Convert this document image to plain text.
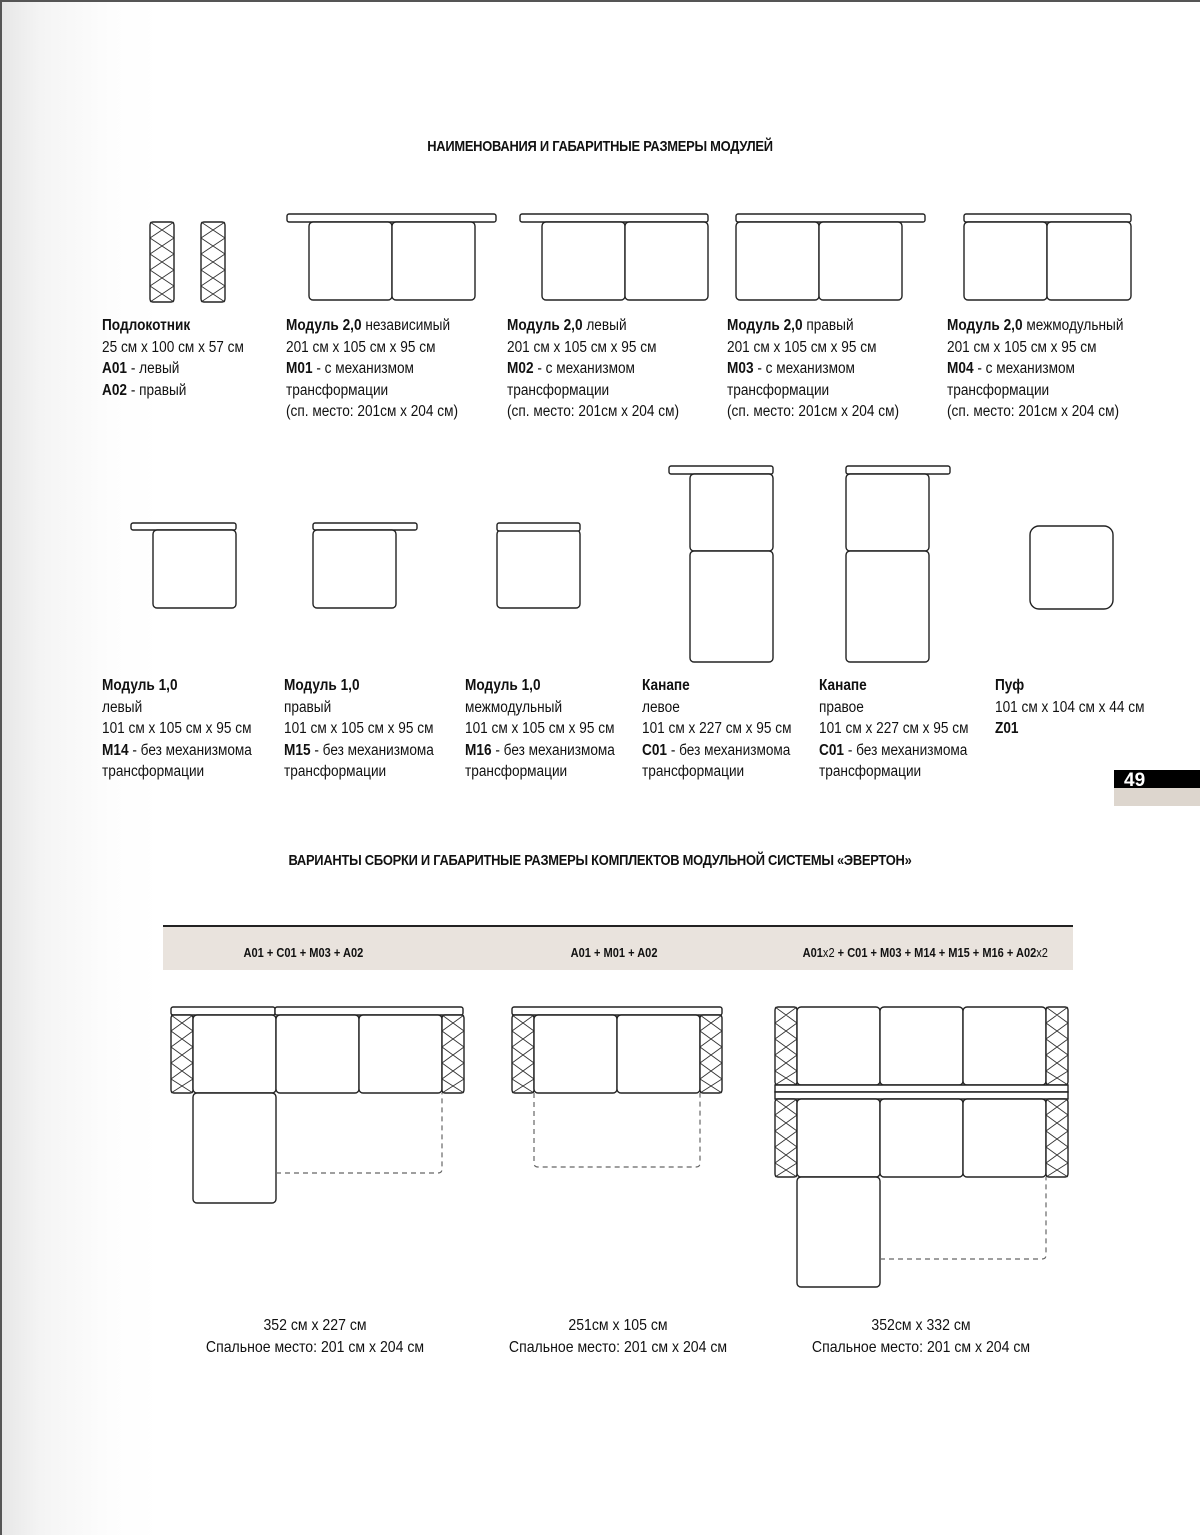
НАИМЕНОВАНИЯ И ГАБАРИТНЫЕ РАЗМЕРЫ МОДУЛЕЙ
Подлокотник
25 см х 100 см х 57 см
A01 - левый
A02 - правый
Модуль 2,0 независимый
201 см х 105 см х 95 см
M01 - с механизмом
трансформации
(сп. место: 201см х 204 см)
Модуль 2,0 левый
201 см х 105 см х 95 см
M02 - с механизмом
трансформации
(сп. место: 201см х 204 см)
Модуль 2,0 правый
201 см х 105 см х 95 см
M03 - с механизмом
трансформации
(сп. место: 201см х 204 см)
Модуль 2,0 межмодульный
201 см х 105 см х 95 см
M04 - с механизмом
трансформации
(сп. место: 201см х 204 см)
Модуль 1,0
левый
101 см х 105 см х 95 см
M14 - без механизмома
трансформации
Модуль 1,0
правый
101 см х 105 см х 95 см
M15 - без механизмома
трансформации
Модуль 1,0
межмодульный
101 см х 105 см х 95 см
M16 - без механизмома
трансформации
Канапе
левое
101 см х 227 см х 95 см
C01 - без механизмома
трансформации
Канапе
правое
101 см х 227 см х 95 см
C01 - без механизмома
трансформации
Пуф
101 см х 104 см х 44 см
Z01
49
ВАРИАНТЫ СБОРКИ И ГАБАРИТНЫЕ РАЗМЕРЫ КОМПЛЕКТОВ МОДУЛЬНОЙ СИСТЕМЫ «ЭВЕРТОН»
A01 + C01 + M03 + A02	A01 + M01 + A02	A01x2 + C01 + M03 + M14 + M15 + M16 + A02x2
352 см х 227 см
Спальное место: 201 см х 204 см
251см х 105 см
Спальное место: 201 см х 204 см
352см х 332 см
Спальное место: 201 см х 204 см
